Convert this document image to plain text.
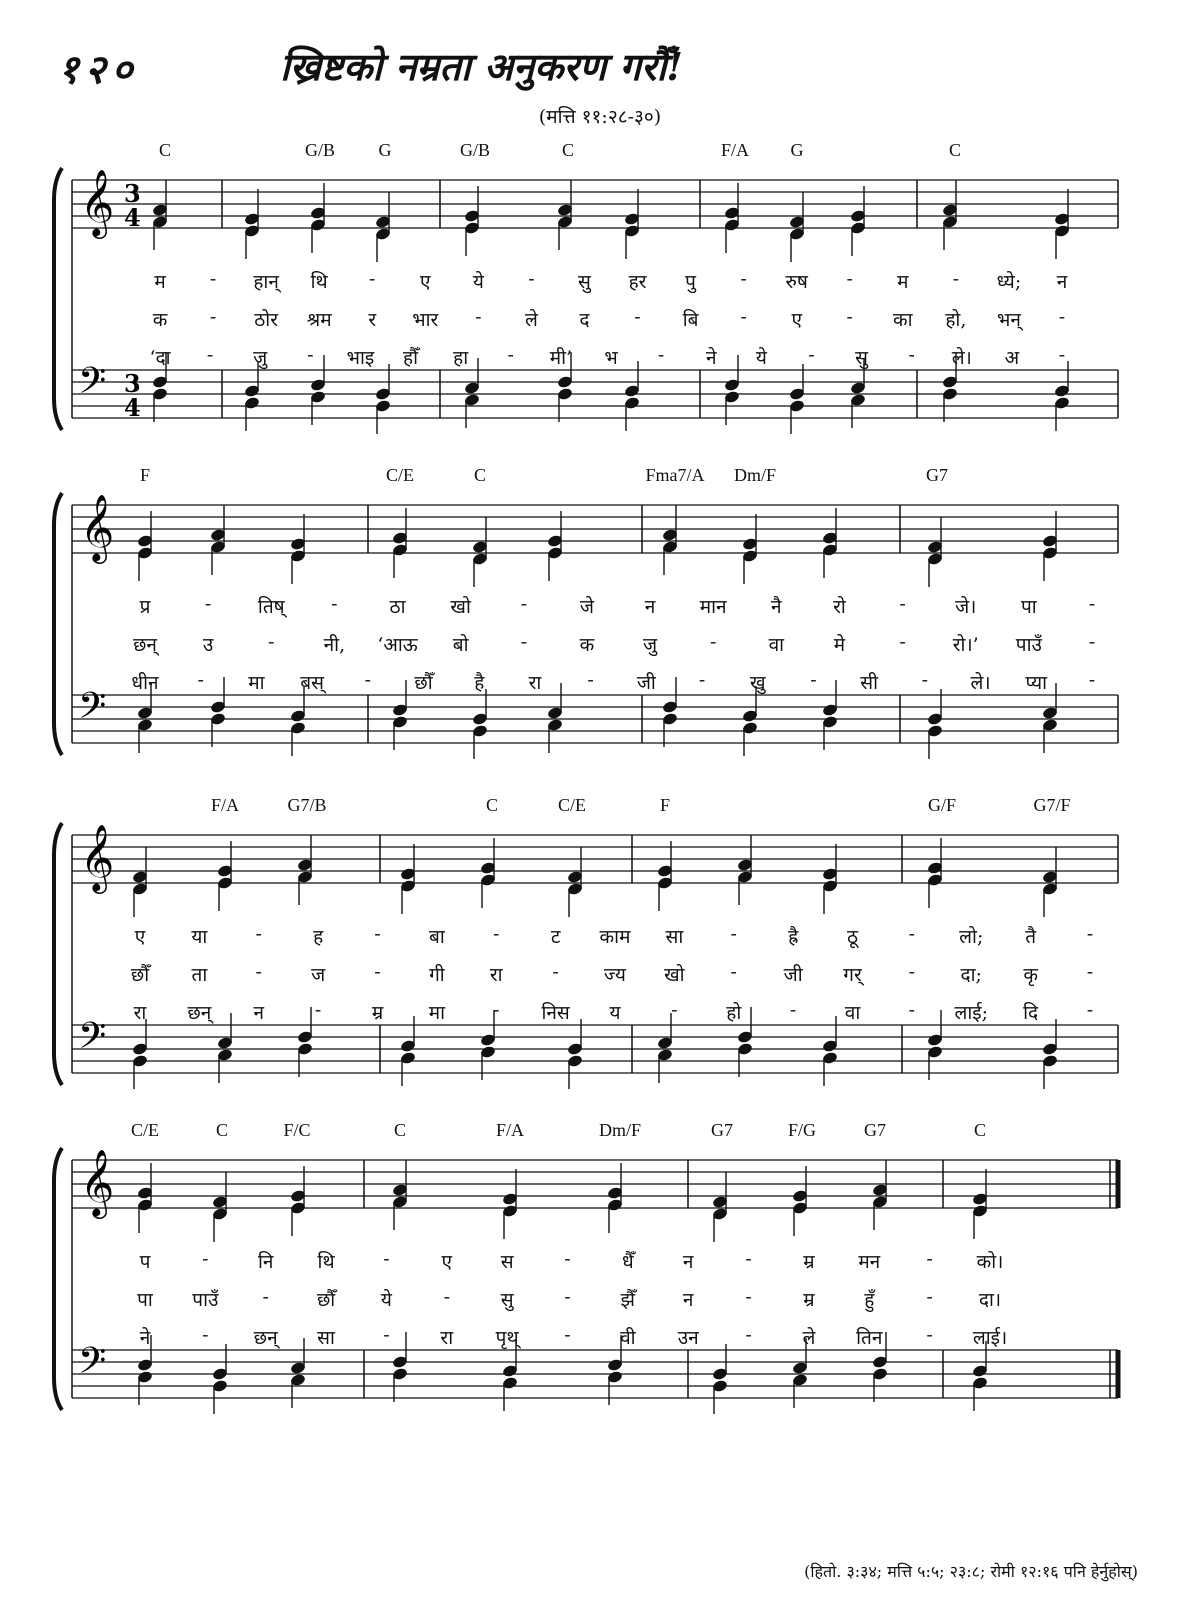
१२०	ख्रिष्टको नम्रता अनुकरण गरौँ!
(मत्ति ११:२८-३०)
𝄞
𝄢
3
4
3
4
C	G/B G	G/B	C	F/A G	C
म - हान् थि - ए ये - सु हर पु - रुष - म - ध्ये; न
क - ठोर श्रम र भार - ले द - बि - ए - का हो, भन् -
‘दा - जु - भाइ हौँ हा - मी’ भ - ने ये - सु - ले। अ -
𝄞
𝄢
F	C/E	C	Fma7/A Dm/F	G7
प्र	- तिष् -	ठा खो	-	जे	न मान नै	रो	-	जे। पा	-
छन् उ	-	नी, ‘आऊ बो	-	क	जु	-	वा	मे	- रो।’ पाउँ -
धीन - मा बस् - छौँ है रा - जी - खु - सी - ले। प्या -
𝄞
𝄢
F/A	G7/B	C	C/E	F	G/F	G7/F
ए या	-	ह	-	बा	-	ट काम सा -	ह्रै	ठू	- लो; तै	-
छौँ ता	-	ज	-	गी रा	- ज्य खो - जी गर् - दा; कृ	-
रा छन् न	-	म्र मा	- निस य	-	हो	-	वा	- लाई; दि	-
𝄞
𝄢
C/E	C	F/C	C	F/A	Dm/F	G7	F/G	G7	C
प	-	नि थि	-	ए	स	-	धैँ	न	-	म्र मन - को।
पा पाउँ -	छौँ ये	-	सु	-	झैँ	न	-	म्र	हुँ	- दा।
ने	- छन् सा	-	रा पृथ् -	वी उन -	ले तिन - लाई।
(हितो. ३:३४; मत्ति ५:५; २३:८; रोमी १२:१६ पनि हेर्नुहोस्)
